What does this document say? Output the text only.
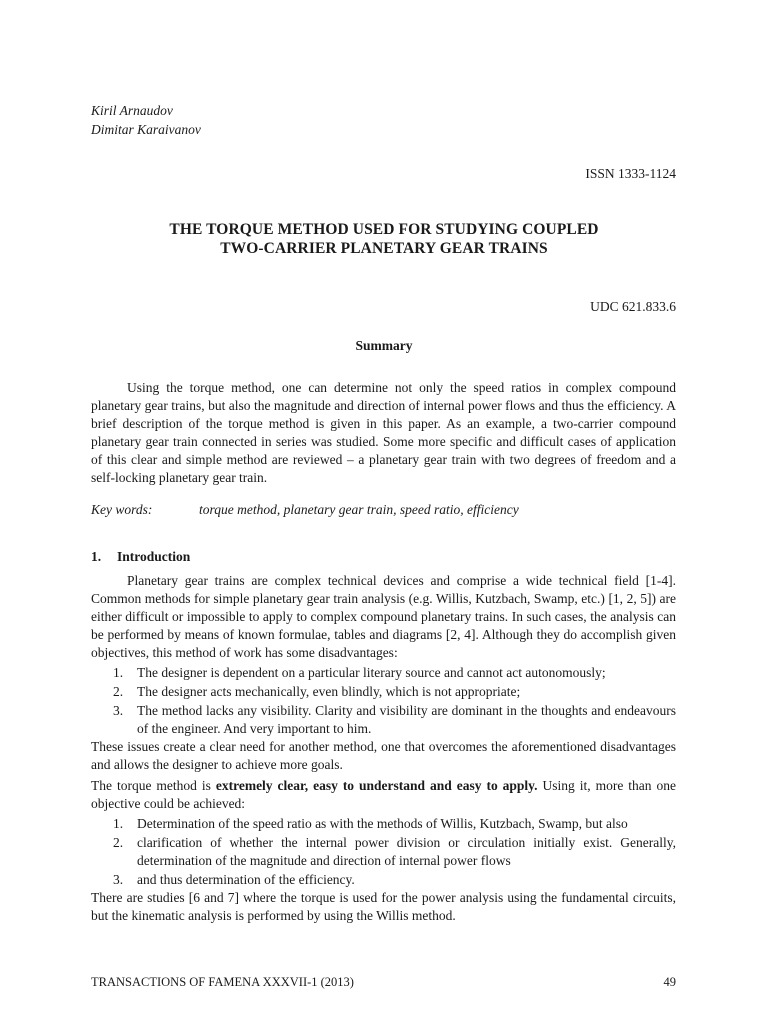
Kiril Arnaudov
Dimitar Karaivanov
ISSN 1333-1124
THE TORQUE METHOD USED FOR STUDYING COUPLED
TWO-CARRIER PLANETARY GEAR TRAINS
UDC 621.833.6
Summary
Using the torque method, one can determine not only the speed ratios in complex compound planetary gear trains, but also the magnitude and direction of internal power flows and thus the efficiency. A brief description of the torque method is given in this paper. As an example, a two-carrier compound planetary gear train connected in series was studied. Some more specific and difficult cases of application of this clear and simple method are reviewed – a planetary gear train with two degrees of freedom and a self-locking planetary gear train.
Key words:	torque method, planetary gear train, speed ratio, efficiency
1. Introduction
Planetary gear trains are complex technical devices and comprise a wide technical field [1-4]. Common methods for simple planetary gear train analysis (e.g. Willis, Kutzbach, Swamp, etc.) [1, 2, 5]) are either difficult or impossible to apply to complex compound planetary trains. In such cases, the analysis can be performed by means of known formulae, tables and diagrams [2, 4]. Although they do accomplish given objectives, this method of work has some disadvantages:
1. The designer is dependent on a particular literary source and cannot act autonomously;
2. The designer acts mechanically, even blindly, which is not appropriate;
3. The method lacks any visibility. Clarity and visibility are dominant in the thoughts and endeavours of the engineer. And very important to him.
These issues create a clear need for another method, one that overcomes the aforementioned disadvantages and allows the designer to achieve more goals.
The torque method is extremely clear, easy to understand and easy to apply. Using it, more than one objective could be achieved:
1. Determination of the speed ratio as with the methods of Willis, Kutzbach, Swamp, but also
2. clarification of whether the internal power division or circulation initially exist. Generally, determination of the magnitude and direction of internal power flows
3. and thus determination of the efficiency.
There are studies [6 and 7] where the torque is used for the power analysis using the fundamental circuits, but the kinematic analysis is performed by using the Willis method.
TRANSACTIONS OF FAMENA XXXVII-1 (2013)	49
